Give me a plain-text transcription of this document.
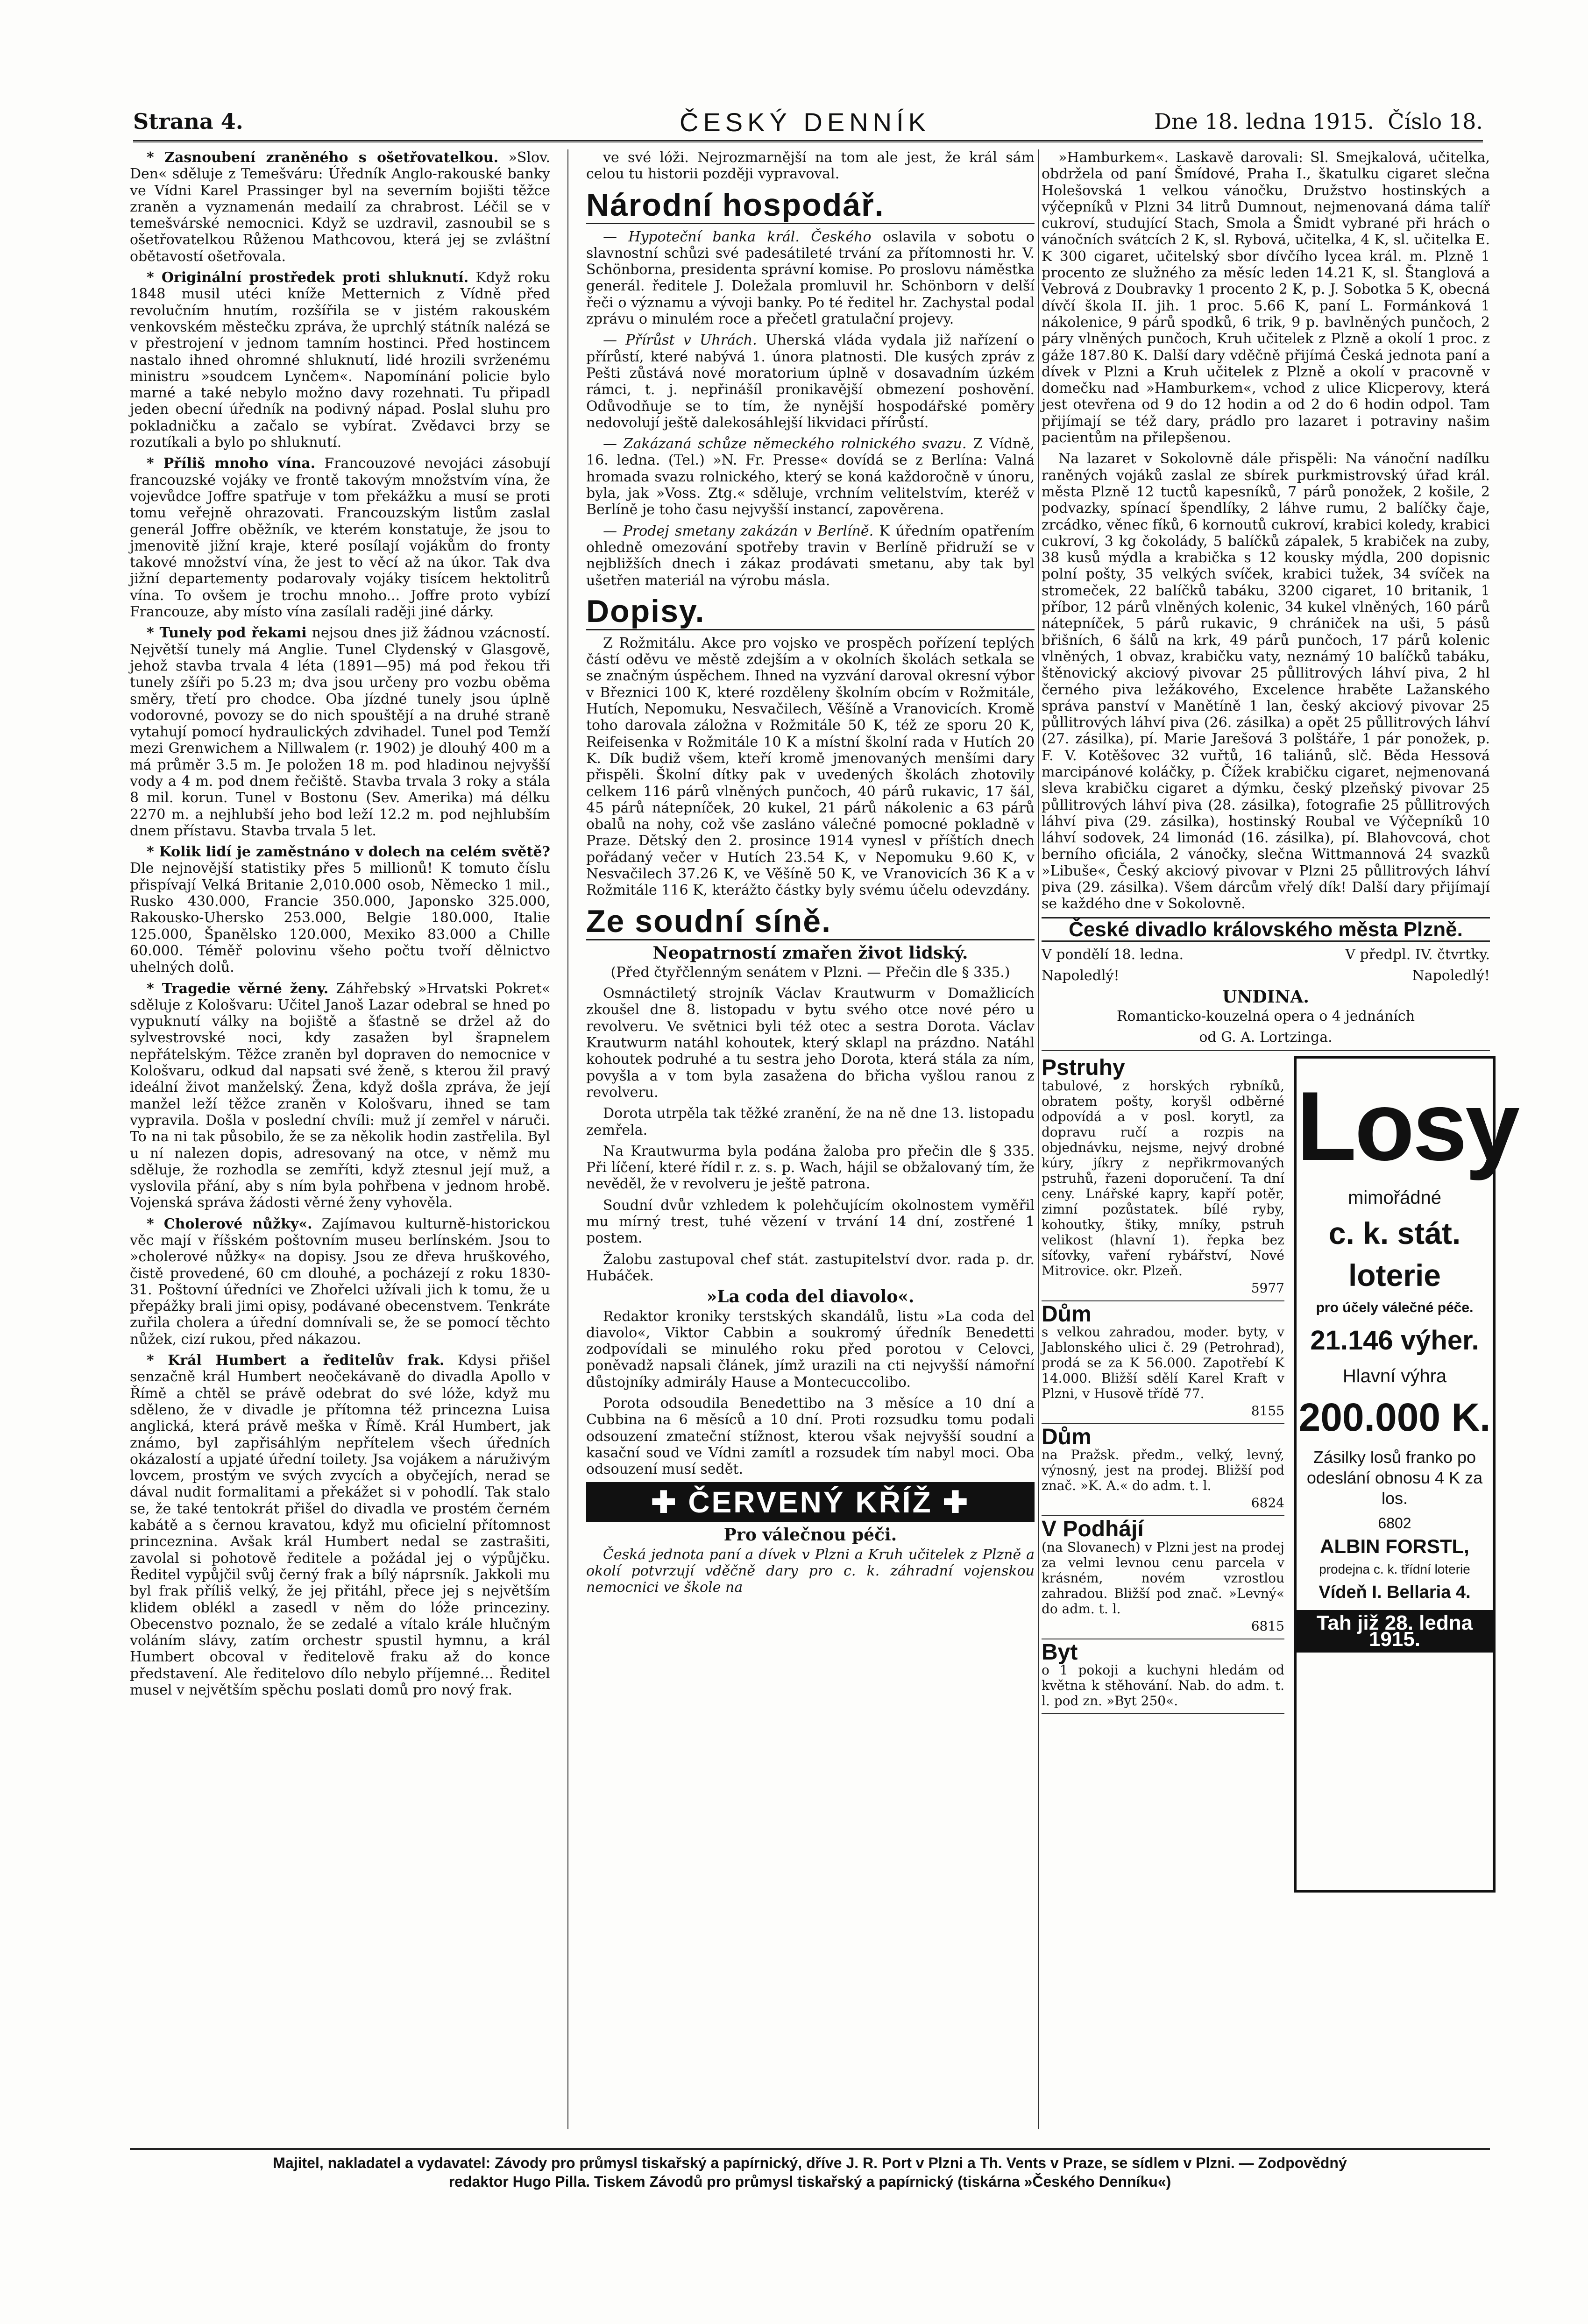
Strana 4.	ČESKÝ DENNÍK	Dne 18. ledna 1915. Číslo 18.

* Zasnoubení zraněného s ošetřovatelkou. »Slov. Den« sděluje z Temešváru: Úředník Anglo-rakouské banky ve Vídni Karel Prassinger byl na severním bojišti těžce zraněn a vyznamenán medailí za chrabrost. Léčil se v temešvárské nemocnici. Když se uzdravil, zasnoubil se s ošetřovatelkou Růženou Mathcovou, která jej se zvláštní obětavostí ošetřovala.

* Originální prostředek proti shluknutí. Když roku 1848 musil utéci kníže Metternich z Vídně před revolučním hnutím, rozšířila se v jistém rakouském venkovském městečku zpráva, že uprchlý státník nalézá se v přestrojení v jednom tamním hostinci. Před hostincem nastalo ihned ohromné shluknutí, lidé hrozili svrženému ministru »soudcem Lynčem«. Napomínání policie bylo marné a také nebylo možno davy rozehnati. Tu připadl jeden obecní úředník na podivný nápad. Poslal sluhu pro pokladničku a začalo se vybírat. Zvědavci brzy se rozutíkali a bylo po shluknutí.

* Příliš mnoho vína. Francouzové nevojáci zásobují francouzské vojáky ve frontě takovým množstvím vína, že vojevůdce Joffre spatřuje v tom překážku a musí se proti tomu veřejně ohrazovati. Francouzským listům zaslal generál Joffre oběžník, ve kterém konstatuje, že jsou to jmenovitě jižní kraje, které posílají vojákům do fronty takové množství vína, že jest to věcí až na úkor. Tak dva jižní departementy podarovaly vojáky tisícem hektolitrů vína. To ovšem je trochu mnoho... Joffre proto vybízí Francouze, aby místo vína zasílali raději jiné dárky.

* Tunely pod řekami nejsou dnes již žádnou vzácností. Největší tunely má Anglie. Tunel Clydenský v Glasgově, jehož stavba trvala 4 léta (1891—95) má pod řekou tři tunely zšíři po 5.23 m; dva jsou určeny pro vozbu oběma směry, třetí pro chodce. Oba jízdné tunely jsou úplně vodorovné, povozy se do nich spouštějí a na druhé straně vytahují pomocí hydraulických zdvihadel. Tunel pod Temží mezi Grenwichem a Nillwalem (r. 1902) je dlouhý 400 m a má průměr 3.5 m. Je položen 18 m. pod hladinou nejvyšší vody a 4 m. pod dnem řečiště. Stavba trvala 3 roky a stála 8 mil. korun. Tunel v Bostonu (Sev. Amerika) má délku 2270 m. a nejhlubší jeho bod leží 12.2 m. pod nejhlubším dnem přístavu. Stavba trvala 5 let.

* Kolik lidí je zaměstnáno v dolech na celém světě? Dle nejnovější statistiky přes 5 millionů! K tomuto číslu přispívají Velká Britanie 2,010.000 osob, Německo 1 mil., Rusko 430.000, Francie 350.000, Japonsko 325.000, Rakousko-Uhersko 253.000, Belgie 180.000, Italie 125.000, Španělsko 120.000, Mexiko 83.000 a Chille 60.000. Téměř polovinu všeho počtu tvoří dělnictvo uhelných dolů.

* Tragedie věrné ženy. Záhřebský »Hrvatski Pokret« sděluje z Kološvaru: Učitel Janoš Lazar odebral se hned po vypuknutí války na bojiště a šťastně se držel až do sylvestrovské noci, kdy zasažen byl šrapnelem nepřátelským. Těžce zraněn byl dopraven do nemocnice v Kološvaru, odkud dal napsati své ženě, s kterou žil pravý ideální život manželský. Žena, když došla zpráva, že její manžel leží těžce zraněn v Kološvaru, ihned se tam vypravila. Došla v poslední chvíli: muž jí zemřel v náruči. To na ni tak působilo, že se za několik hodin zastřelila. Byl u ní nalezen dopis, adresovaný na otce, v němž mu sděluje, že rozhodla se zemříti, když ztesnul její muž, a vyslovila přání, aby s ním byla pohřbena v jednom hrobě. Vojenská správa žádosti věrné ženy vyhověla.

* Cholerové nůžky«. Zajímavou kulturně-historickou věc mají v říšském poštovním museu berlínském. Jsou to »cholerové nůžky« na dopisy. Jsou ze dřeva hruškového, čistě provedené, 60 cm dlouhé, a pocházejí z roku 1830-31. Poštovní úředníci ve Zhořelci užívali jich k tomu, že u přepážky brali jimi opisy, podávané obecenstvem. Tenkráte zuřila cholera a úřední domnívali se, že se pomocí těchto nůžek, cizí rukou, před nákazou.

* Král Humbert a ředitelův frak. Kdysi přišel senzačně král Humbert neočekávaně do divadla Apollo v Římě a chtěl se právě odebrat do své lóže, když mu sděleno, že v divadle je přítomna též princezna Luisa anglická, která právě meška v Římě. Král Humbert, jak známo, byl zapřisáhlým nepřítelem všech úředních okázalostí a upjaté úřední toilety. Jsa vojákem a náruživým lovcem, prostým ve svých zvycích a obyčejích, nerad se dával nudit formalitami a překážet si v pohodlí. Tak stalo se, že také tentokrát přišel do divadla ve prostém černém kabátě a s černou kravatou, když mu oficielní přítomnost princeznina. Avšak král Humbert nedal se zastrašiti, zavolal si pohotově ředitele a požádal jej o výpůjčku. Ředitel vypůjčil svůj černý frak a bílý náprsník. Jakkoli mu byl frak příliš velký, že jej přitáhl, přece jej s největším klidem oblékl a zasedl v něm do lóže princeziny. Obecenstvo poznalo, že se zedalé a vítalo krále hlučným voláním slávy, zatím orchestr spustil hymnu, a král Humbert obcoval v ředitelově fraku až do konce představení. Ale ředitelovo dílo nebylo příjemné... Ředitel musel v největším spěchu poslati domů pro nový frak.

ve své lóži. Nejrozmarnější na tom ale jest, že král sám celou tu historii později vypravoval.

Národní hospodář.

— Hypoteční banka král. Českého oslavila v sobotu o slavnostní schůzi své padesátileté trvání za přítomnosti hr. V. Schönborna, presidenta správní komise. Po proslovu náměstka generál. ředitele J. Doležala promluvil hr. Schönborn v delší řeči o významu a vývoji banky. Po té ředitel hr. Zachystal podal zprávu o minulém roce a přečetl gratulační projevy.

— Přírůst v Uhrách. Uherská vláda vydala již nařízení o přírůstí, které nabývá 1. února platnosti. Dle kusých zpráv z Pešti zůstává nové moratorium úplně v dosavadním úzkém rámci, t. j. nepřinášíl pronikavější obmezení poshovění. Odůvodňuje se to tím, že nynější hospodářské poměry nedovolují ještě dalekosáhlejší likvidaci přírůstí.

— Zakázaná schůze německého rolnického svazu. Z Vídně, 16. ledna. (Tel.) »N. Fr. Presse« dovídá se z Berlína: Valná hromada svazu rolnického, který se koná každoročně v únoru, byla, jak »Voss. Ztg.« sděluje, vrchním velitelstvím, kteréž v Berlíně je toho času nejvyšší instancí, zapověrena.

— Prodej smetany zakázán v Berlíně. K úředním opatřením ohledně omezování spotřeby travin v Berlíně přidruží se v nejbližších dnech i zákaz prodávati smetanu, aby tak byl ušetřen materiál na výrobu másla.

Dopisy.

Z Rožmitálu. Akce pro vojsko ve prospěch pořízení teplých částí oděvu ve městě zdejším a v okolních školách setkala se se značným úspěchem. Ihned na vyzvání daroval okresní výbor v Březnici 100 K, které rozděleny školním obcím v Rožmitále, Hutích, Nepomuku, Nesvačilech, Věšíně a Vranovicích. Kromě toho darovala záložna v Rožmitále 50 K, též ze sporu 20 K, Reifeisenka v Rožmitále 10 K a místní školní rada v Hutích 20 K. Dík budiž všem, kteří kromě jmenovaných menšími dary přispěli. Školní dítky pak v uvedených školách zhotovily celkem 116 párů vlněných punčoch, 40 párů rukavic, 17 šál, 45 párů nátepníček, 20 kukel, 21 párů nákolenic a 63 párů obalů na nohy, což vše zasláno válečné pomocné pokladně v Praze. Dětský den 2. prosince 1914 vynesl v příštích dnech pořádaný večer v Hutích 23.54 K, v Nepomuku 9.60 K, v Nesvačilech 37.26 K, ve Věšíně 50 K, ve Vranovicích 36 K a v Rožmitále 116 K, kterážto částky byly svému účelu odevzdány.

Ze soudní síně.
Neopatrností zmařen život lidský.

(Před čtyřčlenným senátem v Plzni. — Přečin dle § 335.)

Osmnáctiletý strojník Václav Krautwurm v Domažlicích zkoušel dne 8. listopadu v bytu svého otce nové péro u revolveru. Ve světnici byli též otec a sestra Dorota. Václav Krautwurm natáhl kohoutek, který sklapl na prázdno. Natáhl kohoutek podruhé a tu sestra jeho Dorota, která stála za ním, povyšla a v tom byla zasažena do břicha vyšlou ranou z revolveru.

Dorota utrpěla tak těžké zranění, že na ně dne 13. listopadu zemřela.

Na Krautwurma byla podána žaloba pro přečin dle § 335. Při líčení, které řídil r. z. s. p. Wach, hájil se obžalovaný tím, že nevěděl, že v revolveru je ještě patrona.

Soudní dvůr vzhledem k polehčujícím okolnostem vyměřil mu mírný trest, tuhé vězení v trvání 14 dní, zostřené 1 postem.

Žalobu zastupoval chef stát. zastupitelství dvor. rada p. dr. Hubáček.

»La coda del diavolo«.

Redaktor kroniky terstských skandálů, listu »La coda del diavolo«, Viktor Cabbin a soukromý úředník Benedetti zodpovídali se minulého roku před porotou v Celovci, poněvadž napsali článek, jímž urazili na cti nejvyšší námořní důstojníky admirály Hause a Montecuccolibo.

Porota odsoudila Benedettibo na 3 měsíce a 10 dní a Cubbina na 6 měsíců a 10 dní. Proti rozsudku tomu podali odsouzení zmateční stížnost, kterou však nejvyšší soudní a kasační soud ve Vídni zamítl a rozsudek tím nabyl moci. Oba odsouzení musí sedět.

✚ ČERVENÝ KŘÍŽ ✚
Pro válečnou péči.

Česká jednota paní a dívek v Plzni a Kruh učitelek z Plzně a okolí potvrzují vděčně dary pro c. k. záhradní vojenskou nemocnici ve škole na

»Hamburkem«. Laskavě darovali: Sl. Smejkalová, učitelka, obdržela od paní Šmídové, Praha I., škatulku cigaret slečna Holešovská 1 velkou vánočku, Družstvo hostinských a výčepníků v Plzni 34 litrů Dumnout, nejmenovaná dáma talíř cukroví, studující Stach, Smola a Šmidt vybrané při hrách o vánočních svátcích 2 K, sl. Rybová, učitelka, 4 K, sl. učitelka E. K 300 cigaret, učitelský sbor dívčího lycea král. m. Plzně 1 procento ze služného za měsíc leden 14.21 K, sl. Štanglová a Vebrová z Doubravky 1 procento 2 K, p. J. Sobotka 5 K, obecná dívčí škola II. jih. 1 proc. 5.66 K, paní L. Formánková 1 nákolenice, 9 párů spodků, 6 trik, 9 p. bavlněných punčoch, 2 páry vlněných punčoch, Kruh učitelek z Plzně a okolí 1 proc. z gáže 187.80 K. Další dary vděčně přijímá Česká jednota paní a dívek v Plzni a Kruh učitelek z Plzně a okolí v pracovně v domečku nad »Hamburkem«, vchod z ulice Klicperovy, která jest otevřena od 9 do 12 hodin a od 2 do 6 hodin odpol. Tam přijímají se též dary, prádlo pro lazaret i potraviny našim pacientům na přilepšenou.

Na lazaret v Sokolovně dále přispěli: Na vánoční nadílku raněných vojáků zaslal ze sbírek purkmistrovský úřad král. města Plzně 12 tuctů kapesníků, 7 párů ponožek, 2 košile, 2 podvazky, spínací špendlíky, 2 láhve rumu, 2 balíčky čaje, zrcádko, věnec fíků, 6 kornoutů cukroví, krabici koledy, krabici cukroví, 3 kg čokolády, 5 balíčků zápalek, 5 krabiček na zuby, 38 kusů mýdla a krabička s 12 kousky mýdla, 200 dopisnic polní pošty, 35 velkých svíček, krabici tužek, 34 svíček na stromeček, 22 balíčků tabáku, 3200 cigaret, 10 britanik, 1 příbor, 12 párů vlněných kolenic, 34 kukel vlněných, 160 párů nátepníček, 5 párů rukavic, 9 chrániček na uši, 5 pásů břišních, 6 šálů na krk, 49 párů punčoch, 17 párů kolenic vlněných, 1 obvaz, krabičku vaty, neznámý 10 balíčků tabáku, štěnovický akciový pivovar 25 půllitrových láhví piva, 2 hl černého piva ležákového, Excelence hraběte Lažanského správa panství v Manětíně 1 lan, český akciový pivovar 25 půllitrových láhví piva (26. zásilka) a opět 25 půllitrových láhví (27. zásilka), pí. Marie Jarešová 3 polštáře, 1 pár ponožek, p. F. V. Kotěšovec 32 vuřtů, 16 taliánů, slč. Běda Hessová marcipánové koláčky, p. Čížek krabičku cigaret, nejmenovaná sleva krabičku cigaret a dýmku, český plzeňský pivovar 25 půllitrových láhví piva (28. zásilka), fotografie 25 půllitrových láhví piva (29. zásilka), hostinský Roubal ve Výčepníků 10 láhví sodovek, 24 limonád (16. zásilka), pí. Blahovcová, chot berního oficiála, 2 vánočky, slečna Wittmannová 24 svazků »Libuše«, Český akciový pivovar v Plzni 25 půllitrových láhví piva (29. zásilka). Všem dárcům vřelý dík! Další dary přijímají se každého dne v Sokolovně.

České divadlo královského města Plzně.

V pondělí 18. ledna.	V předpl. IV. čtvrtky.

Napoledlý!	Napoledlý!

UNDINA.

Romanticko-kouzelná opera o 4 jednáních

od G. A. Lortzinga.

Pstruhy

tabulové, z horských rybníků, obratem pošty, koryšl odběrné odpovídá a v posl. korytl, za dopravu ručí a rozpis na objednávku, nejsme, nejvý drobné kúry, jíkry z nepřikrmovaných pstruhů, řazeni doporučení. Ta dní ceny. Lnářské kapry, kapří potěr, zimní pozůstatek. bílé ryby, kohoutky, štiky, mníky, pstruh velikost (hlavní 1). řepka bez síťovky, vaření rybářství, Nové Mitrovice. okr. Plzeň.

5977

Dům

s velkou zahradou, moder. byty, v Jablonského ulici č. 29 (Petrohrad), prodá se za K 56.000. Zapotřebí K 14.000. Bližší sdělí Karel Kraft v Plzni, v Husově třídě 77.

8155

Dům

na Pražsk. předm., velký, levný, výnosný, jest na prodej. Bližší pod znač. »K. A.« do adm. t. l.

6824

V Podhájí

(na Slovanech) v Plzni jest na prodej za velmi levnou cenu parcela v krásném, novém vzrostlou zahradou. Bližší pod znač. »Levný« do adm. t. l.

6815

Byt

o 1 pokoji a kuchyni hledám od května k stěhování. Nab. do adm. t. l. pod zn. »Byt 250«.

Losy
mimořádné
c. k. stát.
loterie
pro účely válečné péče.
21.146 výher.
Hlavní výhra
200.000 K.
Zásilky losů franko po odeslání obnosu 4 K za los.
6802
ALBIN FORSTL,
prodejna c. k. třídní loterie
Vídeň I. Bellaria 4.
Tah již 28. ledna 1915.
Majitel, nakladatel a vydavatel: Závody pro průmysl tiskařský a papírnický, dříve J. R. Port v Plzni a Th. Vents v Praze, se sídlem v Plzni. — Zodpovědný
redaktor Hugo Pilla. Tiskem Závodů pro průmysl tiskařský a papírnický (tiskárna »Českého Denníku«)
